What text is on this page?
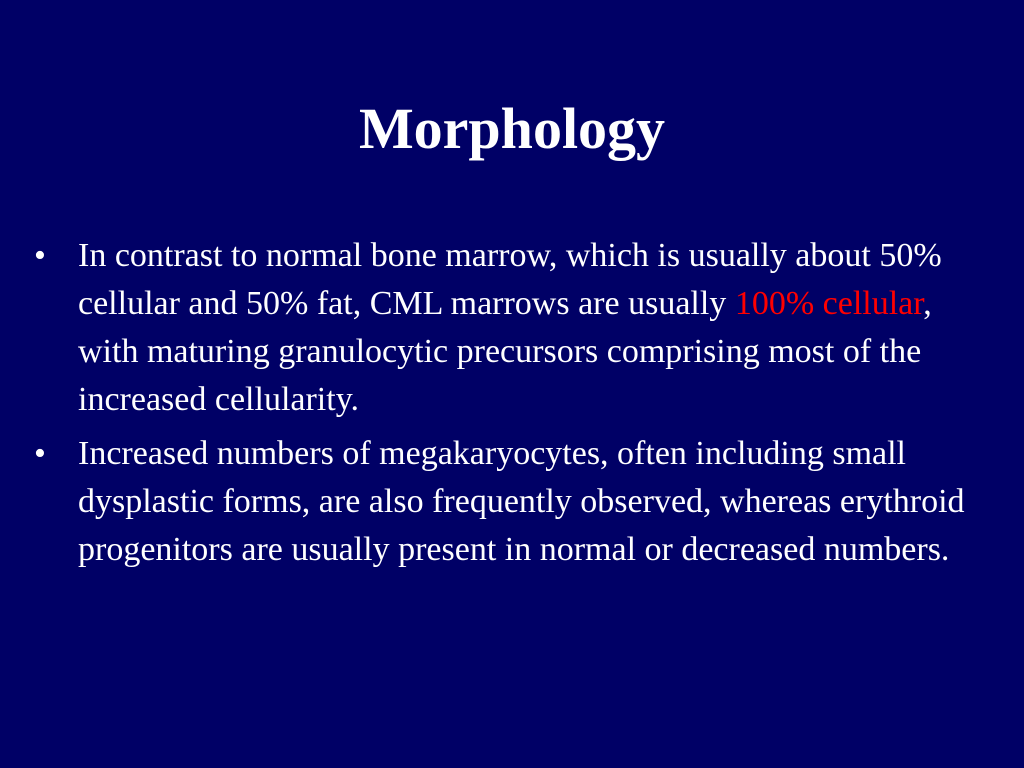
Morphology
• In contrast to normal bone marrow, which is usually about 50% cellular and 50% fat, CML marrows are usually 100% cellular, with maturing granulocytic precursors comprising most of the increased cellularity.
• Increased numbers of megakaryocytes, often including small dysplastic forms, are also frequently observed, whereas erythroid progenitors are usually present in normal or decreased numbers.
